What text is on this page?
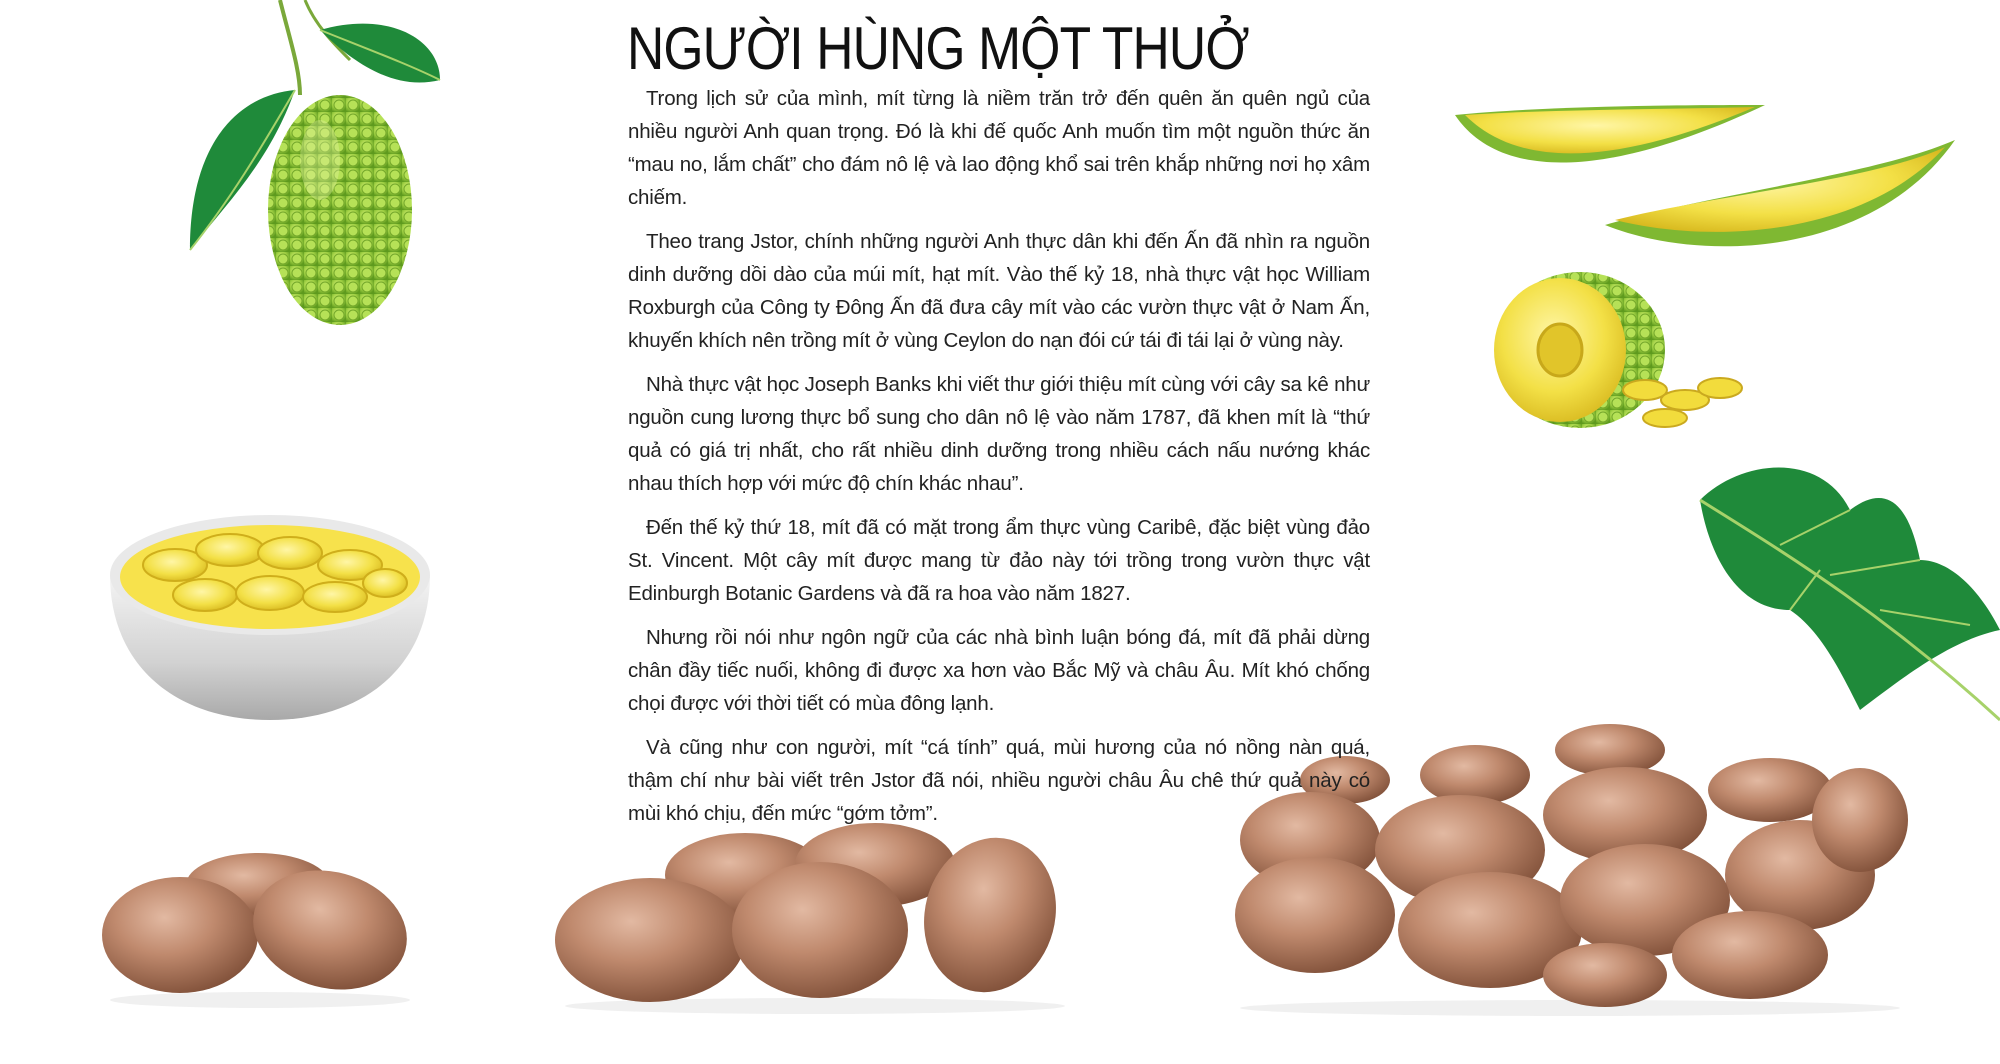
NGƯỜI HÙNG MỘT THUỞ

Trong lịch sử của mình, mít từng là niềm trăn trở đến quên ăn quên ngủ của nhiều người Anh quan trọng. Đó là khi đế quốc Anh muốn tìm một nguồn thức ăn “mau no, lắm chất” cho đám nô lệ và lao động khổ sai trên khắp những nơi họ xâm chiếm.

Theo trang Jstor, chính những người Anh thực dân khi đến Ấn đã nhìn ra nguồn dinh dưỡng dồi dào của múi mít, hạt mít. Vào thế kỷ 18, nhà thực vật học William Roxburgh của Công ty Đông Ấn đã đưa cây mít vào các vườn thực vật ở Nam Ấn, khuyến khích nên trồng mít ở vùng Ceylon do nạn đói cứ tái đi tái lại ở vùng này.

Nhà thực vật học Joseph Banks khi viết thư giới thiệu mít cùng với cây sa kê như nguồn cung lương thực bổ sung cho dân nô lệ vào năm 1787, đã khen mít là “thứ quả có giá trị nhất, cho rất nhiều dinh dưỡng trong nhiều cách nấu nướng khác nhau thích hợp với mức độ chín khác nhau”.

Đến thế kỷ thứ 18, mít đã có mặt trong ẩm thực vùng Caribê, đặc biệt vùng đảo St. Vincent. Một cây mít được mang từ đảo này tới trồng trong vườn thực vật Edinburgh Botanic Gardens và đã ra hoa vào năm 1827.

Nhưng rồi nói như ngôn ngữ của các nhà bình luận bóng đá, mít đã phải dừng chân đầy tiếc nuối, không đi được xa hơn vào Bắc Mỹ và châu Âu. Mít khó chống chọi được với thời tiết có mùa đông lạnh.

Và cũng như con người, mít “cá tính” quá, mùi hương của nó nồng nàn quá, thậm chí như bài viết trên Jstor đã nói, nhiều người châu Âu chê thứ quả này có mùi khó chịu, đến mức “gớm tởm”.
